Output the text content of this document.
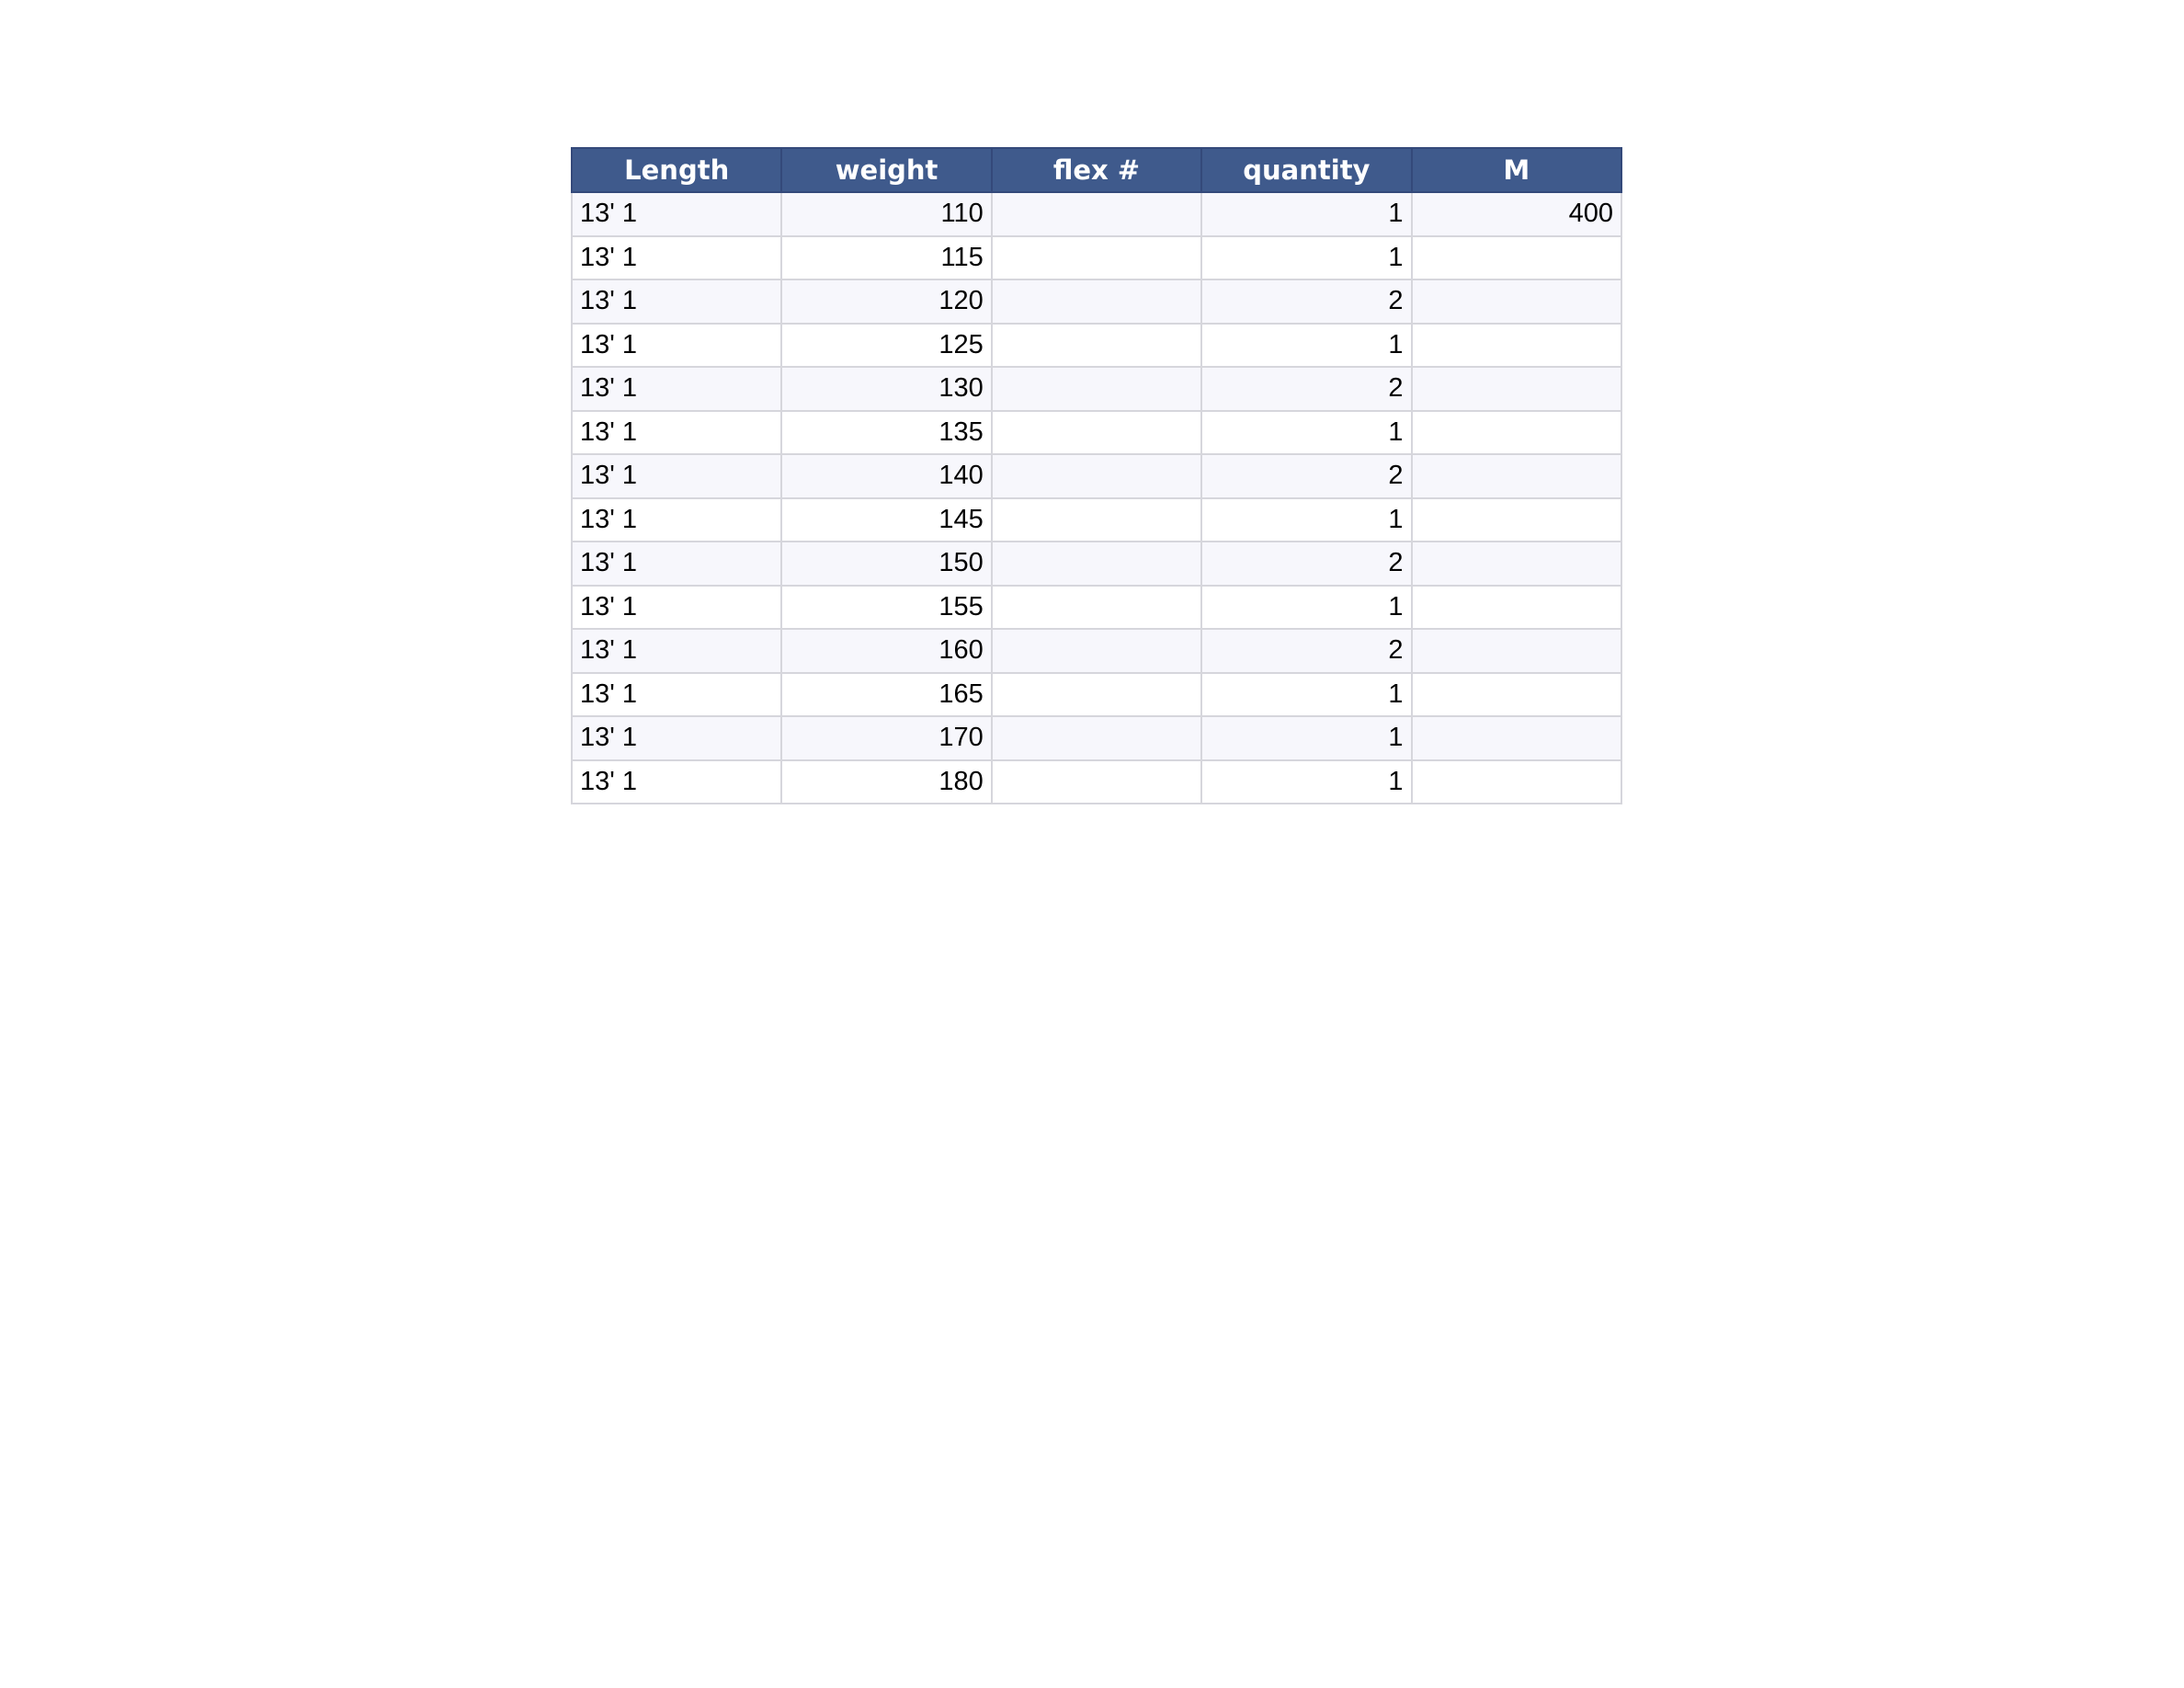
Length	weight	flex #	quantity	M
13' 1	110		1	400
13' 1	115		1	
13' 1	120		2	
13' 1	125		1	
13' 1	130		2	
13' 1	135		1	
13' 1	140		2	
13' 1	145		1	
13' 1	150		2	
13' 1	155		1	
13' 1	160		2	
13' 1	165		1	
13' 1	170		1	
13' 1	180		1	
